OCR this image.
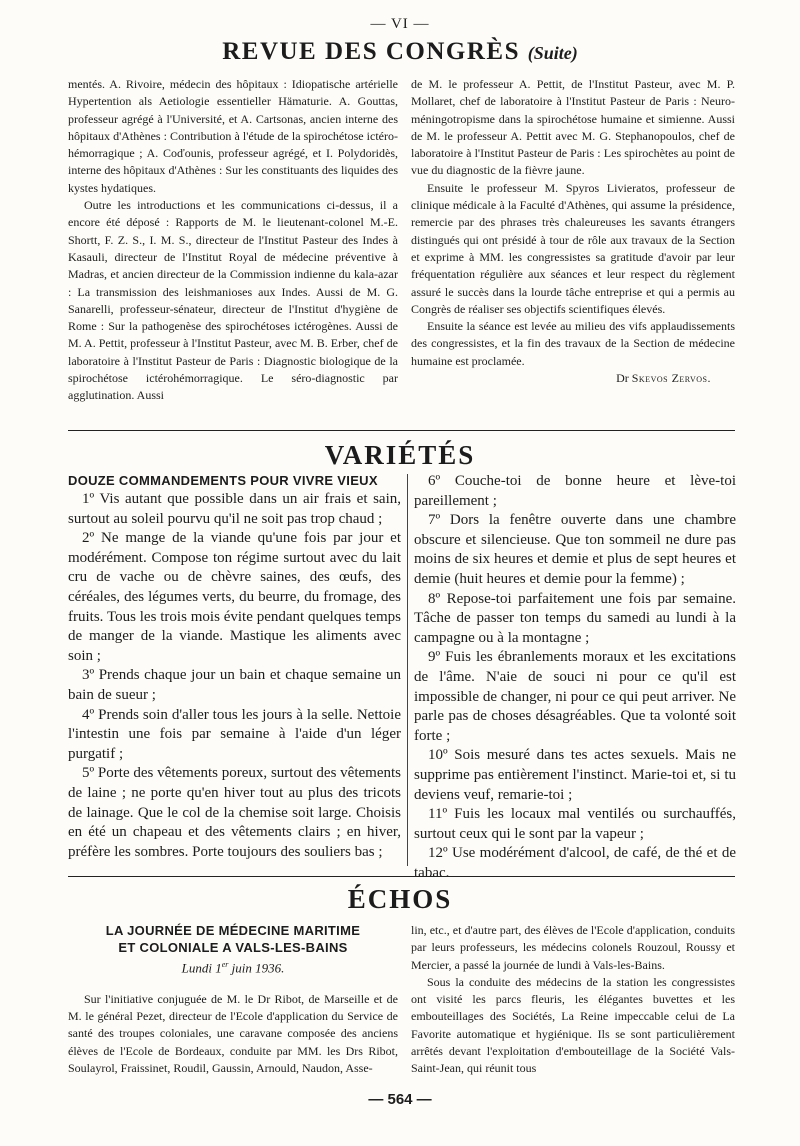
— VI —
REVUE DES CONGRÈS (Suite)

mentés. A. Rivoire, médecin des hôpitaux : Idiopatische artérielle Hypertention als Aetiologie essentieller Hämaturie. A. Gouttas, professeur agrégé à l'Université, et A. Cartsonas, ancien interne des hôpitaux d'Athènes : Contribution à l'étude de la spirochétose ictéro-hémorragique ; A. Coďounis, professeur agrégé, et I. Polydoridès, interne des hôpitaux d'Athènes : Sur les constituants des liquides des kystes hydatiques.

Outre les introductions et les communications ci-dessus, il a encore été déposé : Rapports de M. le lieutenant-colonel M.-E. Shortt, F. Z. S., I. M. S., directeur de l'Institut Pasteur des Indes à Kasauli, directeur de l'Institut Royal de médecine préventive à Madras, et ancien directeur de la Commission indienne du kala-azar : La transmission des leishmanioses aux Indes. Aussi de M. G. Sanarelli, professeur-sénateur, directeur de l'Institut d'hygiène de Rome : Sur la pathogenèse des spirochétoses ictérogènes. Aussi de M. A. Pettit, professeur à l'Institut Pasteur, avec M. B. Erber, chef de laboratoire à l'Institut Pasteur de Paris : Diagnostic biologique de la spirochétose ictérohémorragique. Le séro-diagnostic par agglutination. Aussi

de M. le professeur A. Pettit, de l'Institut Pasteur, avec M. P. Mollaret, chef de laboratoire à l'Institut Pasteur de Paris : Neuro-méningotropisme dans la spirochétose humaine et simienne. Aussi de M. le professeur A. Pettit avec M. G. Stephanopoulos, chef de laboratoire à l'Institut Pasteur de Paris : Les spirochètes au point de vue du diagnostic de la fièvre jaune.

Ensuite le professeur M. Spyros Livieratos, professeur de clinique médicale à la Faculté d'Athènes, qui assume la présidence, remercie par des phrases très chaleureuses les savants étrangers distingués qui ont présidé à tour de rôle aux travaux de la Section et exprime à MM. les congressistes sa gratitude d'avoir par leur fréquentation régulière aux séances et leur respect du règlement assuré le succès dans la lourde tâche entreprise et qui a permis au Congrès de réaliser ses objectifs scientifiques élevés.

Ensuite la séance est levée au milieu des vifs applaudissements des congressistes, et la fin des travaux de la Section de médecine humaine est proclamée.

Dr Skevos Zervos.

VARIÉTÉS

DOUZE COMMANDEMENTS POUR VIVRE VIEUX

1º Vis autant que possible dans un air frais et sain, surtout au soleil pourvu qu'il ne soit pas trop chaud ;

2º Ne mange de la viande qu'une fois par jour et modérément. Compose ton régime surtout avec du lait cru de vache ou de chèvre saines, des œufs, des céréales, des légumes verts, du beurre, du fromage, des fruits. Tous les trois mois évite pendant quelques temps de manger de la viande. Mastique les aliments avec soin ;

3º Prends chaque jour un bain et chaque semaine un bain de sueur ;

4º Prends soin d'aller tous les jours à la selle. Nettoie l'intestin une fois par semaine à l'aide d'un léger purgatif ;

5º Porte des vêtements poreux, surtout des vêtements de laine ; ne porte qu'en hiver tout au plus des tricots de lainage. Que le col de la chemise soit large. Choisis en été un chapeau et des vêtements clairs ; en hiver, préfère les sombres. Porte toujours des souliers bas ;

6º Couche-toi de bonne heure et lève-toi pareillement ;

7º Dors la fenêtre ouverte dans une chambre obscure et silencieuse. Que ton sommeil ne dure pas moins de six heures et demie et plus de sept heures et demie (huit heures et demie pour la femme) ;

8º Repose-toi parfaitement une fois par semaine. Tâche de passer ton temps du samedi au lundi à la campagne ou à la montagne ;

9º Fuis les ébranlements moraux et les excitations de l'âme. N'aie de souci ni pour ce qu'il est impossible de changer, ni pour ce qui peut arriver. Ne parle pas de choses désagréables. Que ta volonté soit forte ;

10º Sois mesuré dans tes actes sexuels. Mais ne supprime pas entièrement l'instinct. Marie-toi et, si tu deviens veuf, remarie-toi ;

11º Fuis les locaux mal ventilés ou surchauffés, surtout ceux qui le sont par la vapeur ;

12º Use modérément d'alcool, de café, de thé et de tabac.

ÉCHOS

LA JOURNÉE DE MÉDECINE MARITIME

ET COLONIALE A VALS-LES-BAINS

Lundi 1er juin 1936.

Sur l'initiative conjuguée de M. le Dr Ribot, de Marseille et de M. le général Pezet, directeur de l'Ecole d'application du Service de santé des troupes coloniales, une caravane composée des anciens élèves de l'Ecole de Bordeaux, conduite par MM. les Drs Ribot, Soulayrol, Fraissinet, Roudil, Gaussin, Arnould, Naudon, Asse-

lin, etc., et d'autre part, des élèves de l'Ecole d'application, conduits par leurs professeurs, les médecins colonels Rouzoul, Roussy et Mercier, a passé la journée de lundi à Vals-les-Bains.

Sous la conduite des médecins de la station les congressistes ont visité les parcs fleuris, les élégantes buvettes et les embouteillages des Sociétés, La Reine impeccable celui de La Favorite automatique et hygiénique. Ils se sont particulièrement arrêtés devant l'exploitation d'embouteillage de la Société Vals-Saint-Jean, qui réunit tous

— 564 —
